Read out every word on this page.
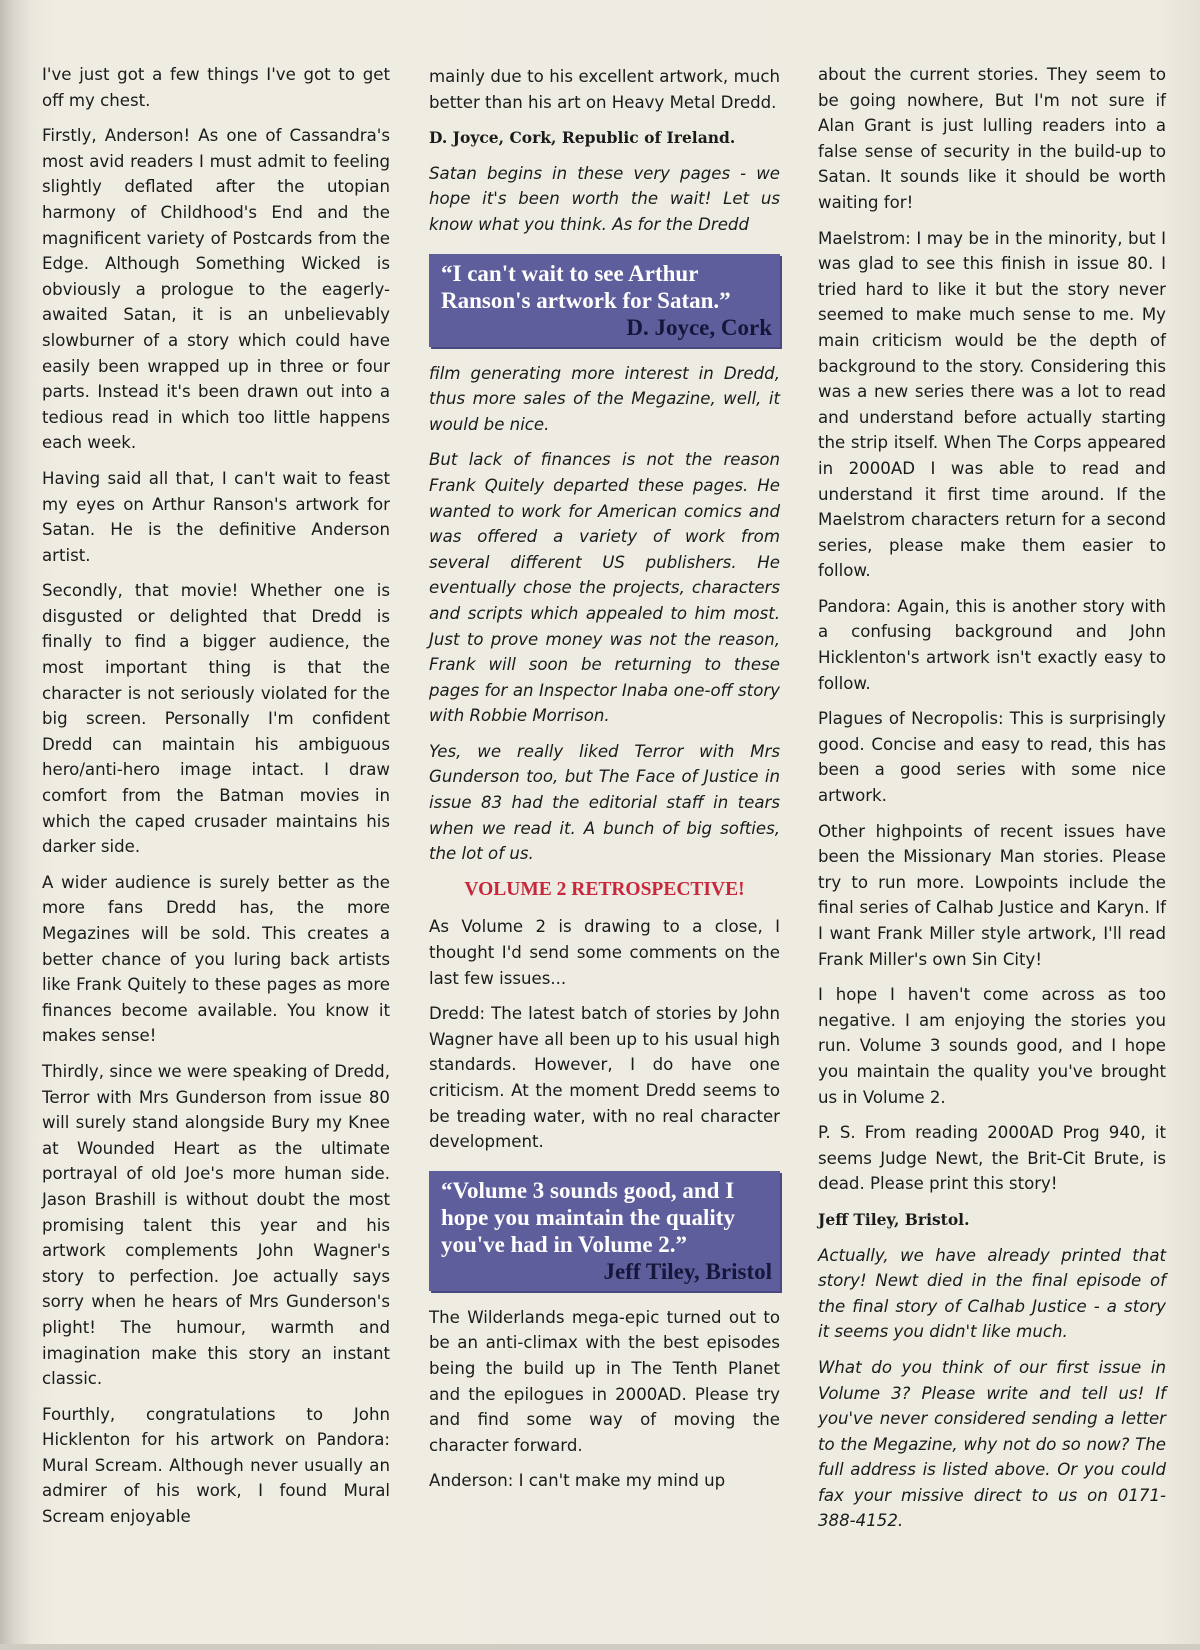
I've just got a few things I've got to get off my chest.

Firstly, Anderson! As one of Cassandra's most avid readers I must admit to feeling slightly deflated after the utopian harmony of Childhood's End and the magnificent variety of Postcards from the Edge. Although Something Wicked is obviously a prologue to the eagerly-awaited Satan, it is an unbelievably slowburner of a story which could have easily been wrapped up in three or four parts. Instead it's been drawn out into a tedious read in which too little happens each week.

Having said all that, I can't wait to feast my eyes on Arthur Ranson's artwork for Satan. He is the definitive Anderson artist.

Secondly, that movie! Whether one is disgusted or delighted that Dredd is finally to find a bigger audience, the most important thing is that the character is not seriously violated for the big screen. Personally I'm confident Dredd can maintain his ambiguous hero/anti-hero image intact. I draw comfort from the Batman movies in which the caped crusader maintains his darker side.

A wider audience is surely better as the more fans Dredd has, the more Megazines will be sold. This creates a better chance of you luring back artists like Frank Quitely to these pages as more finances become available. You know it makes sense!

Thirdly, since we were speaking of Dredd, Terror with Mrs Gunderson from issue 80 will surely stand alongside Bury my Knee at Wounded Heart as the ultimate portrayal of old Joe's more human side. Jason Brashill is without doubt the most promising talent this year and his artwork complements John Wagner's story to perfection. Joe actually says sorry when he hears of Mrs Gunderson's plight! The humour, warmth and imagination make this story an instant classic.

Fourthly, congratulations to John Hicklenton for his artwork on Pandora: Mural Scream. Although never usually an admirer of his work, I found Mural Scream enjoyable

mainly due to his excellent artwork, much better than his art on Heavy Metal Dredd.

D. Joyce, Cork, Republic of Ireland.

Satan begins in these very pages - we hope it's been worth the wait! Let us know what you think. As for the Dredd

“I can't wait to see Arthur Ranson's artwork for Satan.”
D. Joyce, Cork

film generating more interest in Dredd, thus more sales of the Megazine, well, it would be nice.

But lack of finances is not the reason Frank Quitely departed these pages. He wanted to work for American comics and was offered a variety of work from several different US publishers. He eventually chose the projects, characters and scripts which appealed to him most. Just to prove money was not the reason, Frank will soon be returning to these pages for an Inspector Inaba one-off story with Robbie Morrison.

Yes, we really liked Terror with Mrs Gunderson too, but The Face of Justice in issue 83 had the editorial staff in tears when we read it. A bunch of big softies, the lot of us.

VOLUME 2 RETROSPECTIVE!

As Volume 2 is drawing to a close, I thought I'd send some comments on the last few issues...

Dredd: The latest batch of stories by John Wagner have all been up to his usual high standards. However, I do have one criticism. At the moment Dredd seems to be treading water, with no real character development.

“Volume 3 sounds good, and I hope you maintain the quality you've had in Volume 2.”
Jeff Tiley, Bristol

The Wilderlands mega-epic turned out to be an anti-climax with the best episodes being the build up in The Tenth Planet and the epilogues in 2000AD. Please try and find some way of moving the character forward.

Anderson: I can't make my mind up

about the current stories. They seem to be going nowhere, But I'm not sure if Alan Grant is just lulling readers into a false sense of security in the build-up to Satan. It sounds like it should be worth waiting for!

Maelstrom: I may be in the minority, but I was glad to see this finish in issue 80. I tried hard to like it but the story never seemed to make much sense to me. My main criticism would be the depth of background to the story. Considering this was a new series there was a lot to read and understand before actually starting the strip itself. When The Corps appeared in 2000AD I was able to read and understand it first time around. If the Maelstrom characters return for a second series, please make them easier to follow.

Pandora: Again, this is another story with a confusing background and John Hicklenton's artwork isn't exactly easy to follow.

Plagues of Necropolis: This is surprisingly good. Concise and easy to read, this has been a good series with some nice artwork.

Other highpoints of recent issues have been the Missionary Man stories. Please try to run more. Lowpoints include the final series of Calhab Justice and Karyn. If I want Frank Miller style artwork, I'll read Frank Miller's own Sin City!

I hope I haven't come across as too negative. I am enjoying the stories you run. Volume 3 sounds good, and I hope you maintain the quality you've brought us in Volume 2.

P. S. From reading 2000AD Prog 940, it seems Judge Newt, the Brit-Cit Brute, is dead. Please print this story!

Jeff Tiley, Bristol.

Actually, we have already printed that story! Newt died in the final episode of the final story of Calhab Justice - a story it seems you didn't like much.

What do you think of our first issue in Volume 3? Please write and tell us! If you've never considered sending a letter to the Megazine, why not do so now? The full address is listed above. Or you could fax your missive direct to us on 0171-388-4152.
